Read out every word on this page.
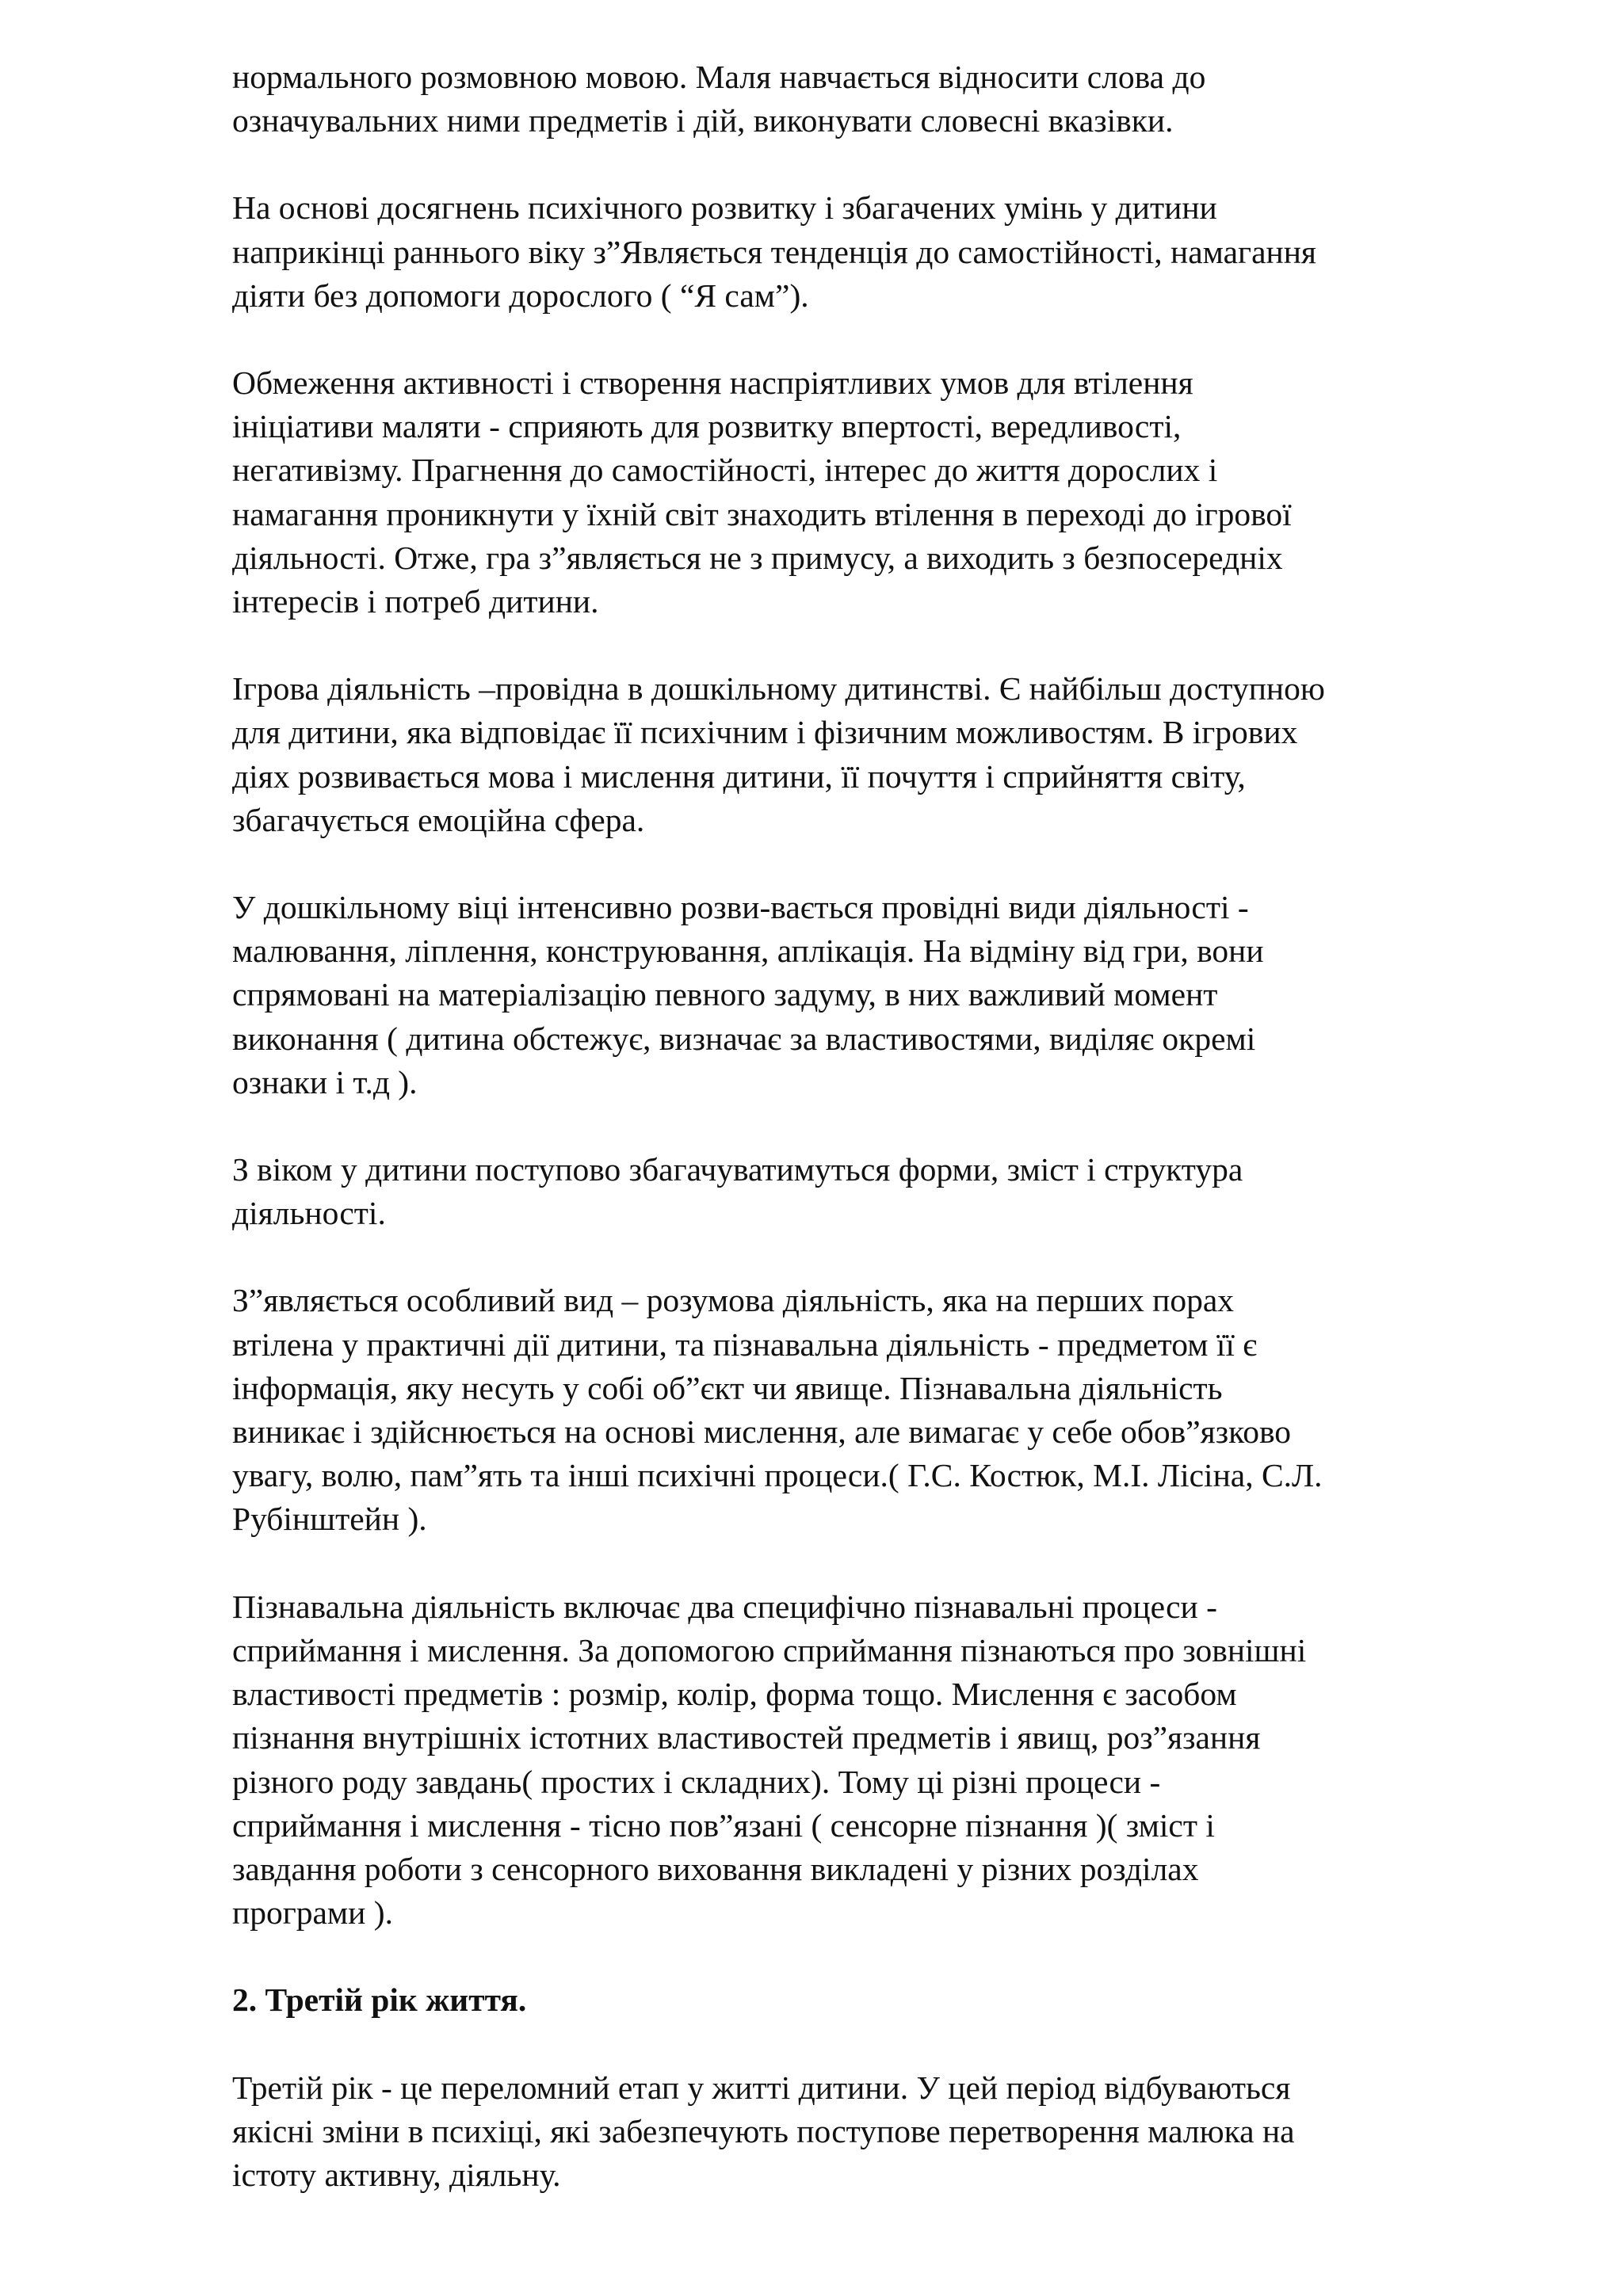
нормального розмовною мовою. Маля навчається відносити слова до
означувальних ними предметів і дій, виконувати словесні вказівки.

На основі досягнень психічного розвитку і збагачених умінь у дитини
наприкінці раннього віку з”Являється тенденція до самостійності, намагання
діяти без допомоги дорослого ( “Я сам”).

Обмеження активності і створення наспріятливих умов для втілення
ініціативи маляти - сприяють для розвитку впертості, вередливості,
негативізму. Прагнення до самостійності, інтерес до життя дорослих і
намагання проникнути у їхній світ знаходить втілення в переході до ігрової
діяльності. Отже, гра з”являється не з примусу, а виходить з безпосередніх
інтересів і потреб дитини.

Ігрова діяльність –провідна в дошкільному дитинстві. Є найбільш доступною
для дитини, яка відповідає її психічним і фізичним можливостям. В ігрових
діях розвивається мова і мислення дитини, її почуття і сприйняття світу,
збагачується емоційна сфера.

У дошкільному віці інтенсивно розви-вається провідні види діяльності -
малювання, ліплення, конструювання, аплікація. На відміну від гри, вони
спрямовані на матеріалізацію певного задуму, в них важливий момент
виконання ( дитина обстежує, визначає за властивостями, виділяє окремі
ознаки і т.д ).

З віком у дитини поступово збагачуватимуться форми, зміст і структура
діяльності.

З”являється особливий вид – розумова діяльність, яка на перших порах
втілена у практичні дії дитини, та пізнавальна діяльність - предметом її є
інформація, яку несуть у собі об”єкт чи явище. Пізнавальна діяльність
виникає і здійснюється на основі мислення, але вимагає у себе обов”язково
увагу, волю, пам”ять та інші психічні процеси.( Г.С. Костюк, М.І. Лісіна, С.Л.
Рубінштейн ).

Пізнавальна діяльність включає два специфічно пізнавальні процеси -
сприймання і мислення. За допомогою сприймання пізнаються про зовнішні
властивості предметів : розмір, колір, форма тощо. Мислення є засобом
пізнання внутрішніх істотних властивостей предметів і явищ, роз”язання
різного роду завдань( простих і складних). Тому ці різні процеси -
сприймання і мислення - тісно пов”язані ( сенсорне пізнання )( зміст і
завдання роботи з сенсорного виховання викладені у різних розділах
програми ).

2. Третій рік життя.

Третій рік - це переломний етап у житті дитини. У цей період відбуваються
якісні зміни в психіці, які забезпечують поступове перетворення малюка на
істоту активну, діяльну.
